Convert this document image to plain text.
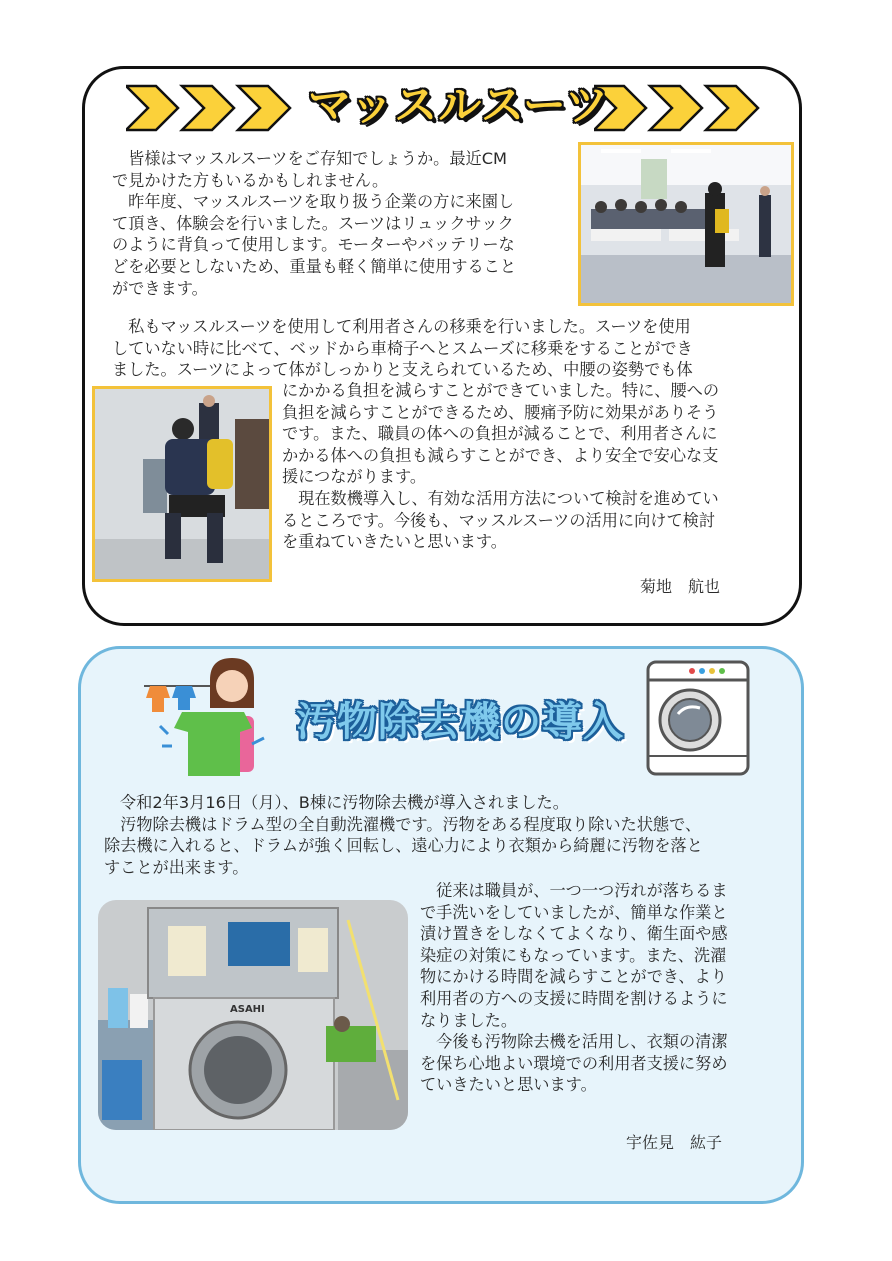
マッスルスーツ
　皆様はマッスルスーツをご存知でしょうか。最近CM
で見かけた方もいるかもしれません。
　昨年度、マッスルスーツを取り扱う企業の方に来園し
て頂き、体験会を行いました。スーツはリュックサック
のように背負って使用します。モーターやバッテリーな
どを必要としないため、重量も軽く簡単に使用すること
ができます。
　私もマッスルスーツを使用して利用者さんの移乗を行いました。スーツを使用
していない時に比べて、ベッドから車椅子へとスムーズに移乗をすることができ
ました。スーツによって体がしっかりと支えられているため、中腰の姿勢でも体
にかかる負担を減らすことができていました。特に、腰への
負担を減らすことができるため、腰痛予防に効果がありそう
です。また、職員の体への負担が減ることで、利用者さんに
かかる体への負担も減らすことができ、より安全で安心な支
援につながります。
　現在数機導入し、有効な活用方法について検討を進めてい
るところです。今後も、マッスルスーツの活用に向けて検討
を重ねていきたいと思います。
菊地　航也
汚物除去機の導入
令和2年3月16日（月）、B棟に汚物除去機が導入されました。
　汚物除去機はドラム型の全自動洗濯機です。汚物をある程度取り除いた状態で、
除去機に入れると、ドラムが強く回転し、遠心力により衣類から綺麗に汚物を落と
すことが出来ます。
ASAHI
　従来は職員が、一つ一つ汚れが落ちるま
で手洗いをしていましたが、簡単な作業と
漬け置きをしなくてよくなり、衛生面や感
染症の対策にもなっています。また、洗濯
物にかける時間を減らすことができ、より
利用者の方への支援に時間を割けるように
なりました。
　今後も汚物除去機を活用し、衣類の清潔
を保ち心地よい環境での利用者支援に努め
ていきたいと思います。
宇佐見　紘子
